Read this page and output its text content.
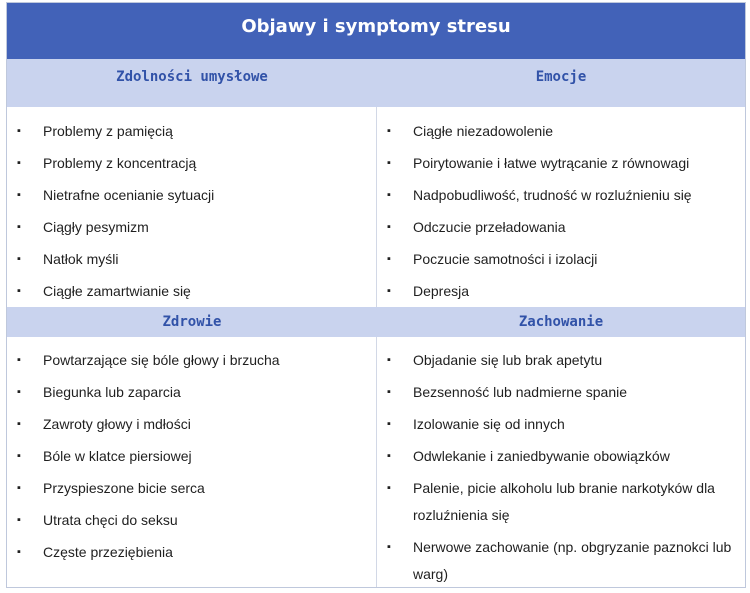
Objawy i symptomy stresu
Zdolności umysłowe	Emocje
▪ Problemy z pamięcią
▪ Problemy z koncentracją
▪ Nietrafne ocenianie sytuacji
▪ Ciągły pesymizm
▪ Natłok myśli
▪ Ciągłe zamartwianie się
▪ Ciągłe niezadowolenie
▪ Poirytowanie i łatwe wytrącanie z równowagi
▪ Nadpobudliwość, trudność w rozluźnieniu się
▪ Odczucie przeładowania
▪ Poczucie samotności i izolacji
▪ Depresja
Zdrowie	Zachowanie
▪ Powtarzające się bóle głowy i brzucha
▪ Biegunka lub zaparcia
▪ Zawroty głowy i mdłości
▪ Bóle w klatce piersiowej
▪ Przyspieszone bicie serca
▪ Utrata chęci do seksu
▪ Częste przeziębienia
▪ Objadanie się lub brak apetytu
▪ Bezsenność lub nadmierne spanie
▪ Izolowanie się od innych
▪ Odwlekanie i zaniedbywanie obowiązków
▪ Palenie, picie alkoholu lub branie narkotyków dla rozluźnienia się
▪ Nerwowe zachowanie (np. obgryzanie paznokci lub warg)
